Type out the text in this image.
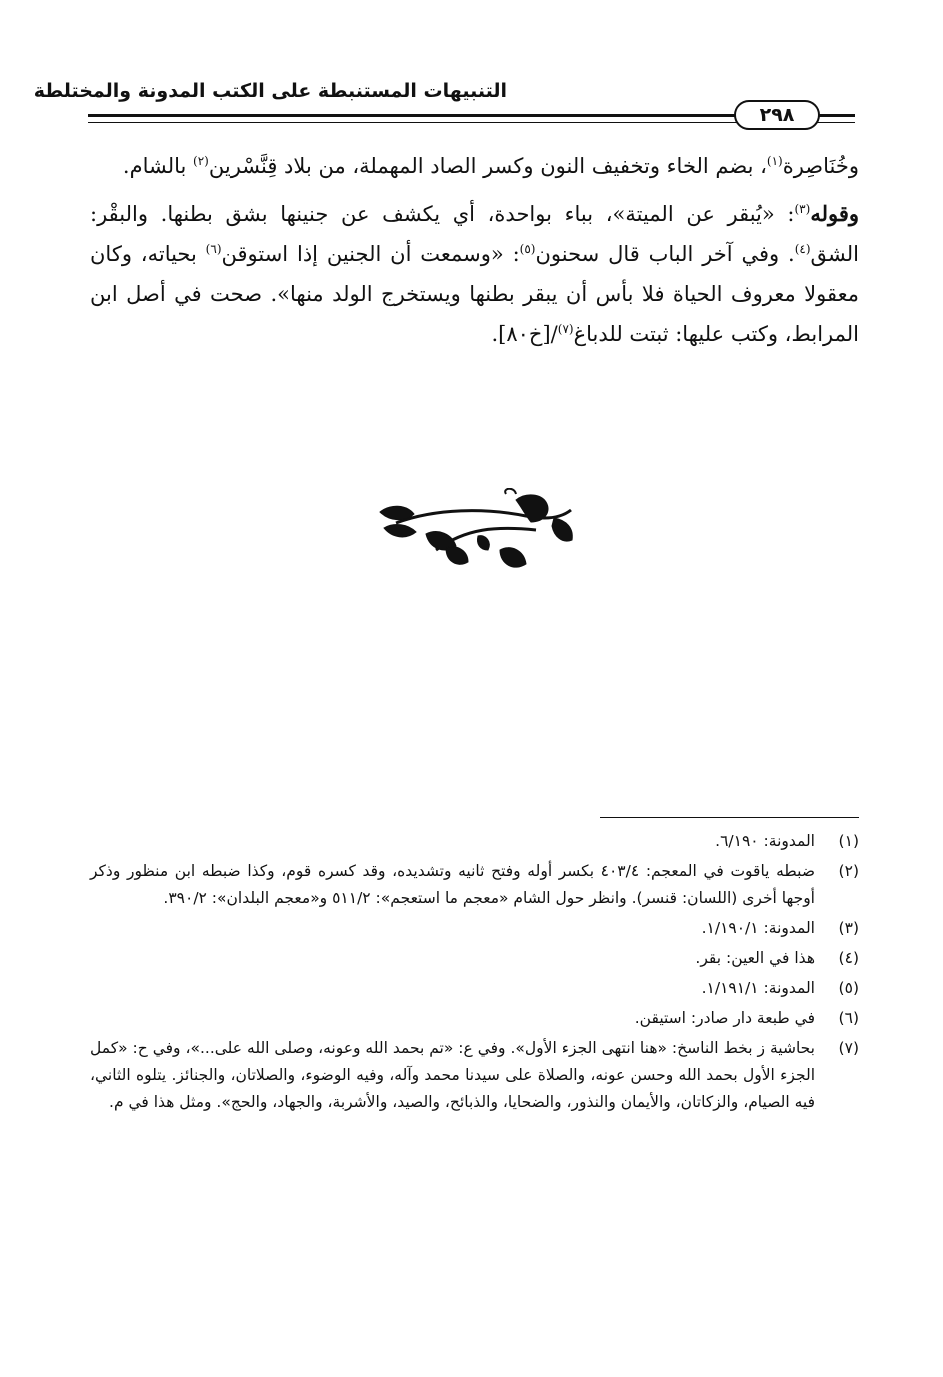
التنبيهات المستنبطة على الكتب المدونة والمختلطة
٢٩٨

وخُنَاصِرة$^{(١)}$، بضم الخاء وتخفيف النون وكسر الصاد المهملة، من بلاد قِنَّسْرين$^{(٢)}$ بالشام.

وقوله$^{(٣)}$: «يُبقر عن الميتة»، بباء بواحدة، أي يكشف عن جنينها بشق بطنها. والبقْر: الشق$^{(٤)}$. وفي آخر الباب قال سحنون$^{(٥)}$: «وسمعت أن الجنين إذا استوقن$^{(٦)}$ بحياته، وكان معقولا معروف الحياة فلا بأس أن يبقر بطنها ويستخرج الولد منها». صحت في أصل ابن المرابط، وكتب عليها: ثبتت للدباغ$^{(٧)}$/[خ٨٠].

(١)
المدونة: ٦/١٩٠.
(٢)
ضبطه ياقوت في المعجم: ٤٠٣/٤ بكسر أوله وفتح ثانيه وتشديده، وقد كسره قوم، وكذا ضبطه ابن منظور وذكر أوجها أخرى (اللسان: قنسر). وانظر حول الشام «معجم ما استعجم»: ٥١١/٢ و«معجم البلدان»: ٣٩٠/٢.
(٣)
المدونة: ١/١٩٠/١.
(٤)
هذا في العين: بقر.
(٥)
المدونة: ١/١٩١/١.
(٦)
في طبعة دار صادر: استيقن.
(٧)
بحاشية ز بخط الناسخ: «هنا انتهى الجزء الأول». وفي ع: «تم بحمد الله وعونه، وصلى الله على...»، وفي ح: «كمل الجزء الأول بحمد الله وحسن عونه، والصلاة على سيدنا محمد وآله، وفيه الوضوء، والصلاتان، والجنائز. يتلوه الثاني، فيه الصيام، والزكاتان، والأيمان والنذور، والضحايا، والذبائح، والصيد، والأشربة، والجهاد، والحج». ومثل هذا في م.
